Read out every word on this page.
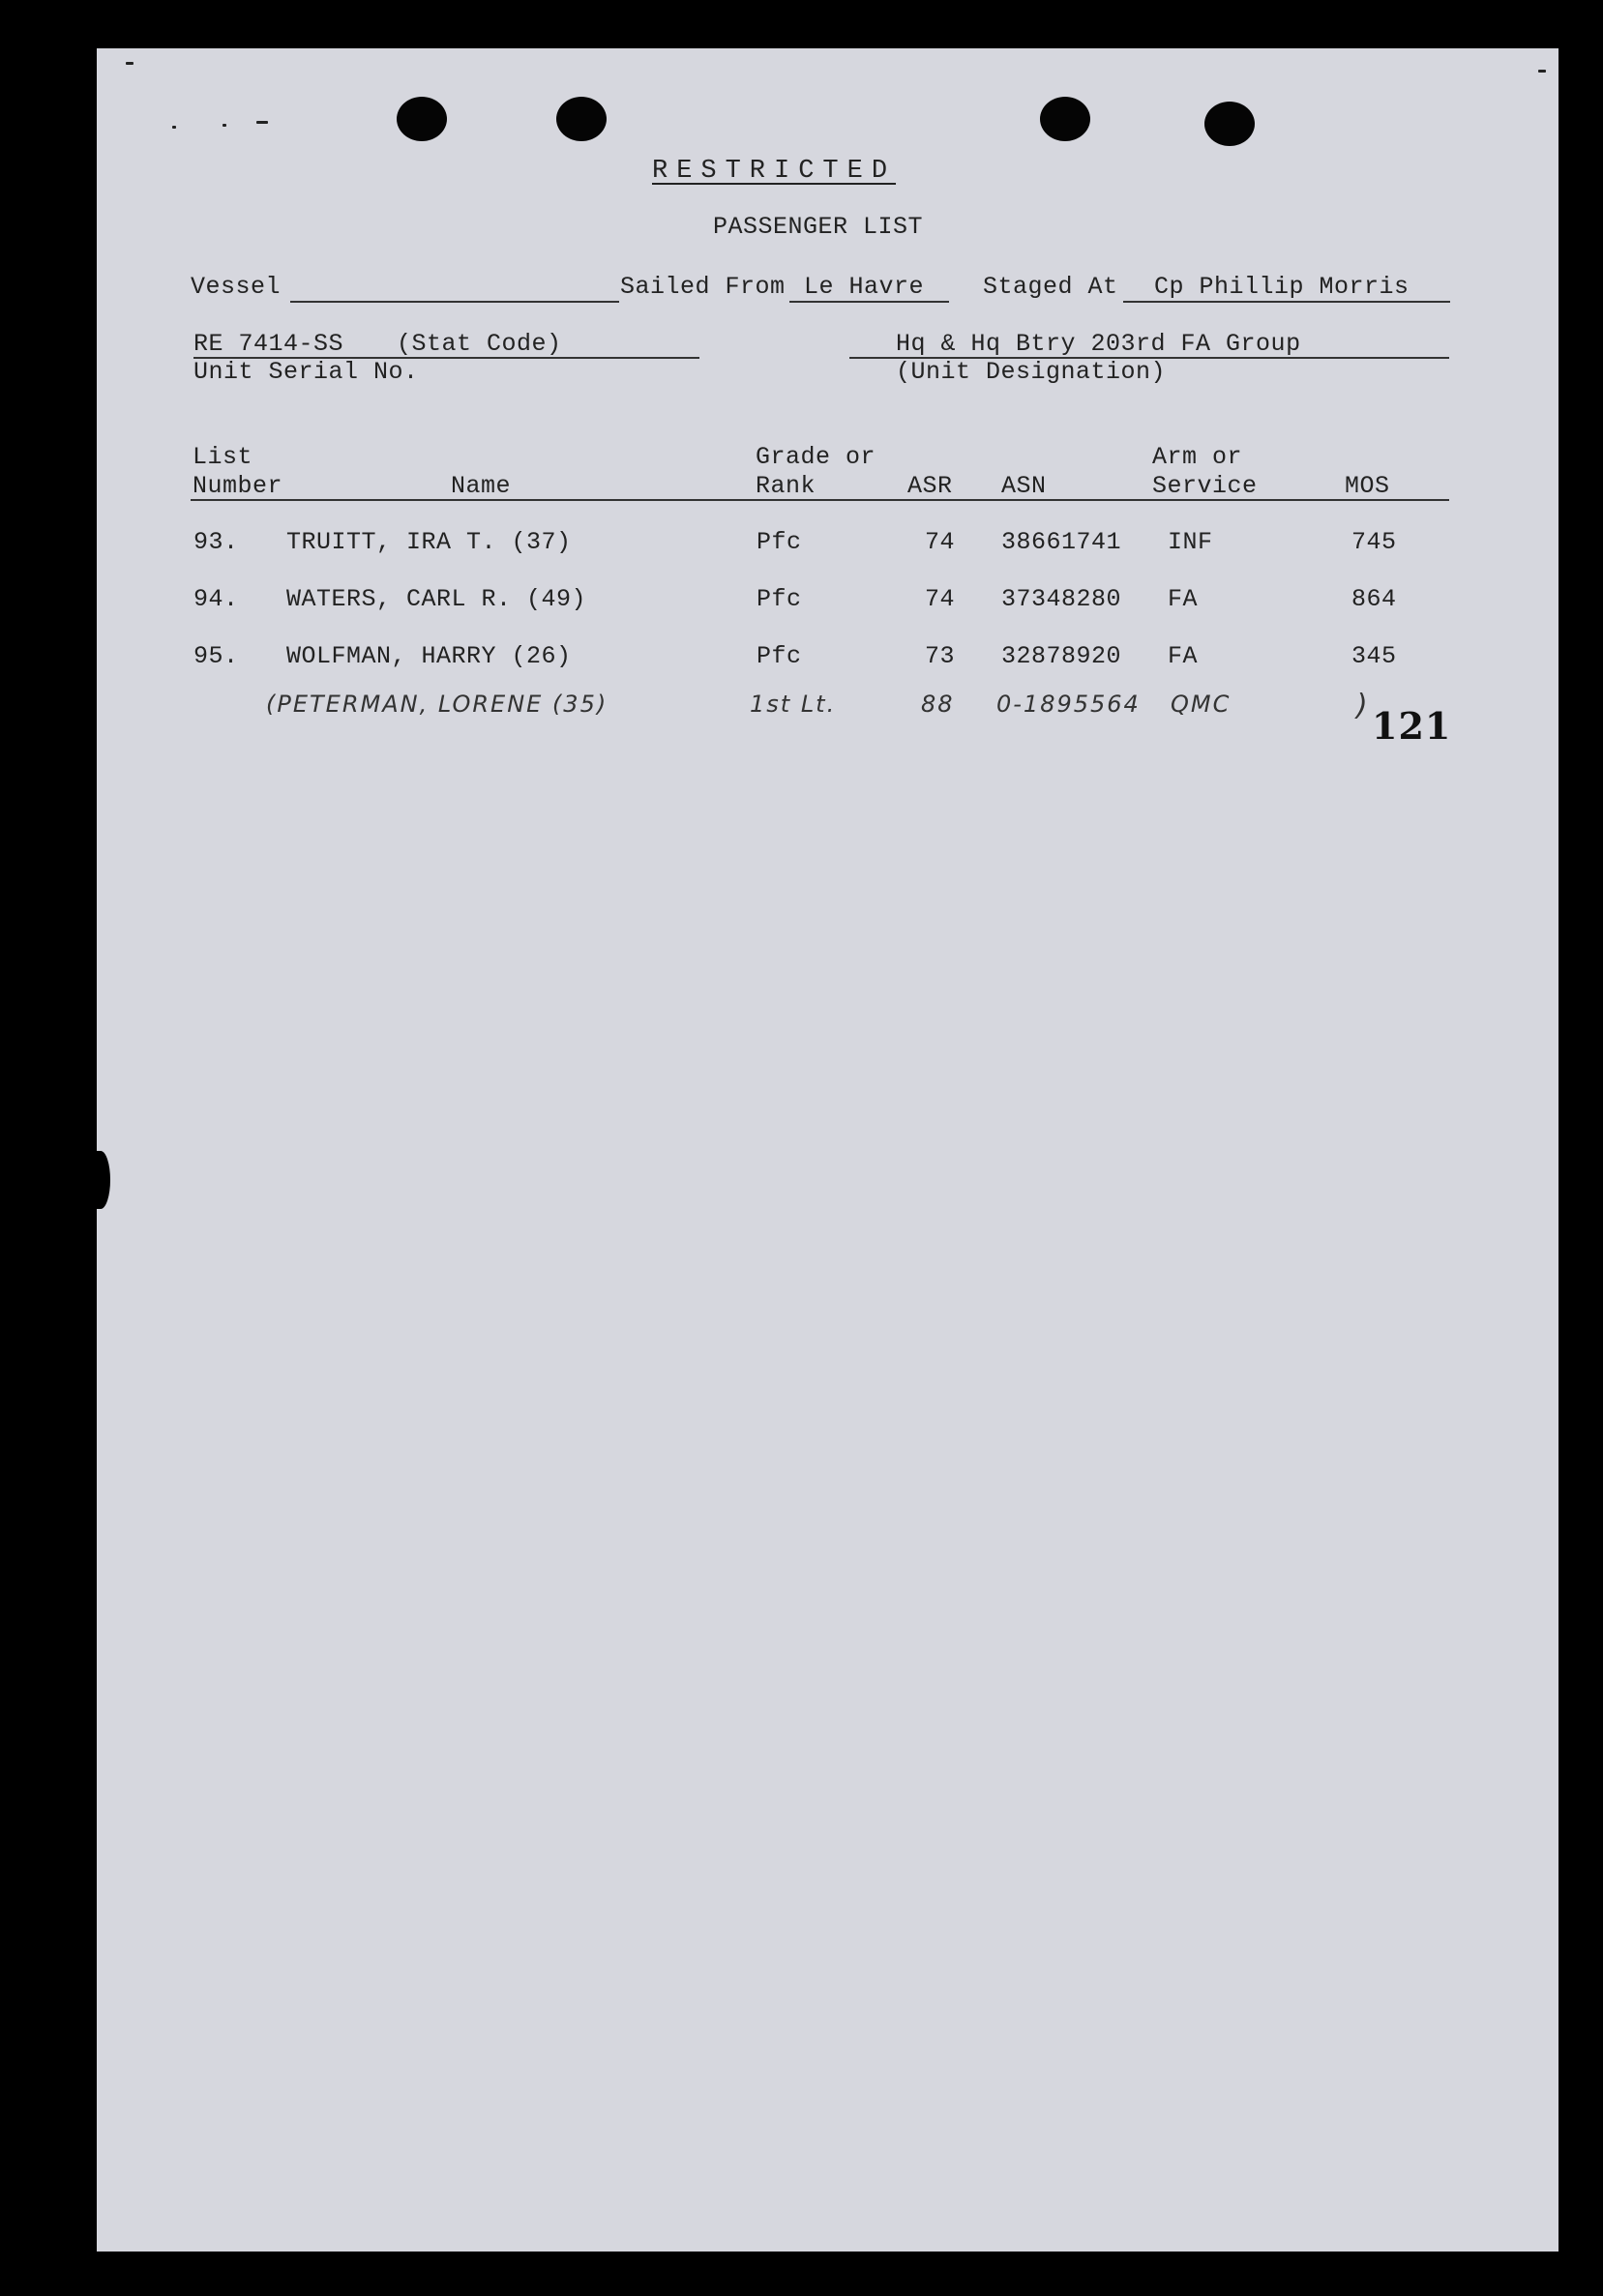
RESTRICTED
PASSENGER LIST
Vessel	Sailed From Le Havre Staged At Cp Phillip Morris
RE 7414-SS (Stat Code)
Unit Serial No.
Hq & Hq Btry 203rd FA Group
(Unit Designation)
List
Number	Name
Grade or
Rank	ASR ASN
Arm or
Service	MOS
93. TRUITT, IRA T. (37)	Pfc	74 38661741 INF	745
94. WATERS, CARL R. (49)	Pfc	74 37348280 FA	864
95. WOLFMAN, HARRY (26)	Pfc	73 32878920 FA	345
(PETERMAN, LORENE (35)	1st Lt.	88 0-1895564 QMC	) 121
